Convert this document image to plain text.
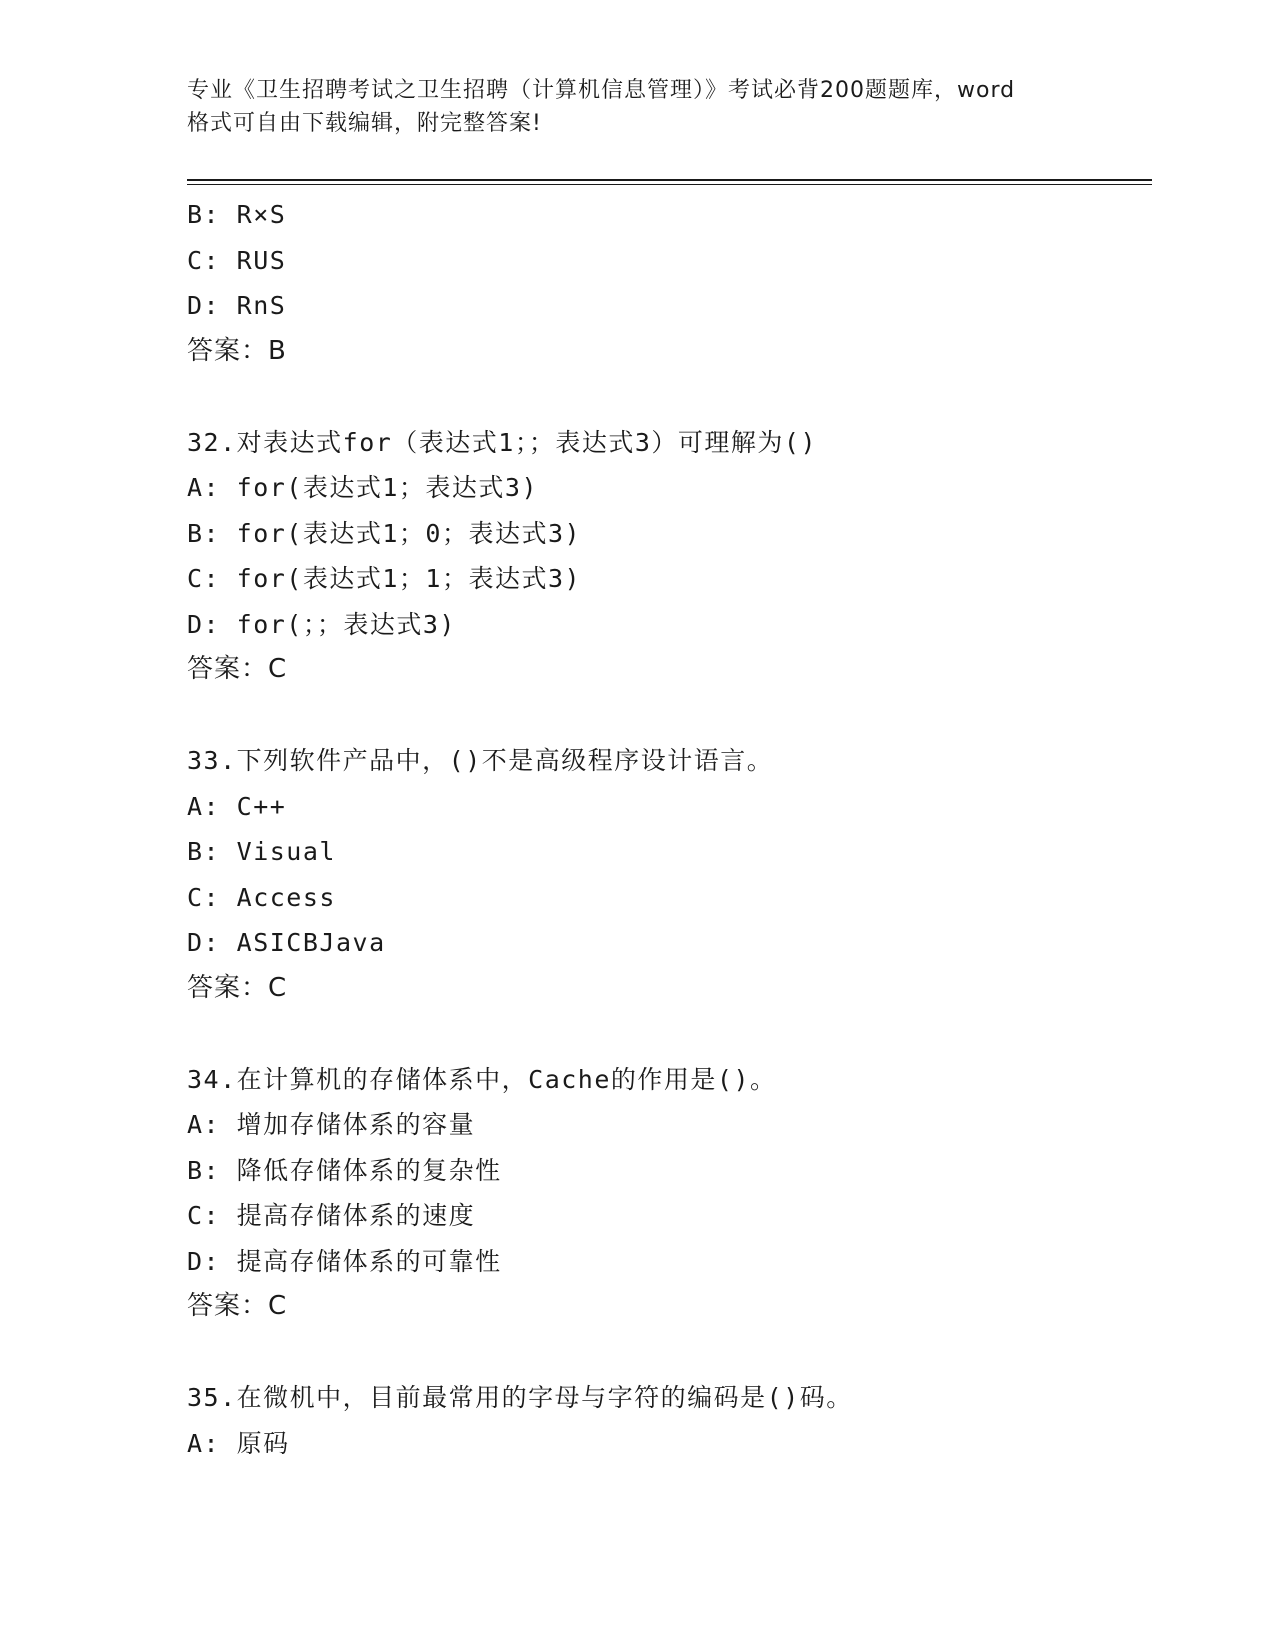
专业《卫生招聘考试之卫生招聘（计算机信息管理）》考试必背200题题库，word
格式可自由下载编辑，附完整答案!
B: R×S
C: RUS
D: RnS
答案：B
32.对表达式for（表达式1；；表达式3）可理解为()
A: for(表达式1；表达式3)
B: for(表达式1；0；表达式3)
C: for(表达式1；1；表达式3)
D: for(；；表达式3)
答案：C
33.下列软件产品中，()不是高级程序设计语言。
A: C++
B: Visual
C: Access
D: ASICBJava
答案：C
34.在计算机的存储体系中，Cache的作用是()。
A: 增加存储体系的容量
B: 降低存储体系的复杂性
C: 提高存储体系的速度
D: 提高存储体系的可靠性
答案：C
35.在微机中，目前最常用的字母与字符的编码是()码。
A: 原码
